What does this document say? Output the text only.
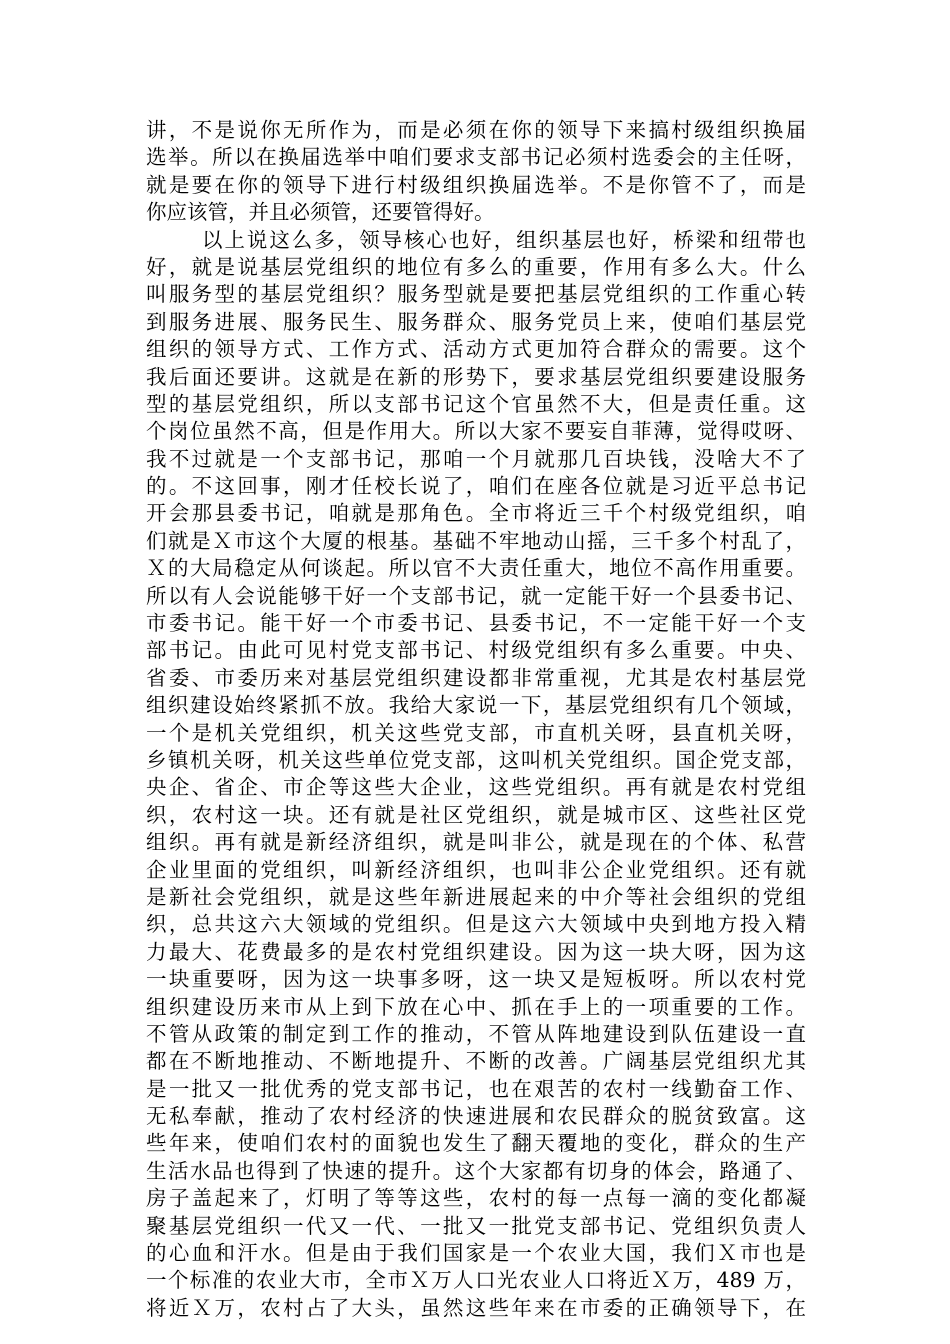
讲，不是说你无所作为，而是必须在你的领导下来搞村级组织换届
选举。所以在换届选举中咱们要求支部书记必须村选委会的主任呀，
就是要在你的领导下进行村级组织换届选举。不是你管不了，而是
你应该管，并且必须管，还要管得好。
以上说这么多，领导核心也好，组织基层也好，桥梁和纽带也
好，就是说基层党组织的地位有多么的重要，作用有多么大。什么
叫服务型的基层党组织？服务型就是要把基层党组织的工作重心转
到服务进展、服务民生、服务群众、服务党员上来，使咱们基层党
组织的领导方式、工作方式、活动方式更加符合群众的需要。这个
我后面还要讲。这就是在新的形势下，要求基层党组织要建设服务
型的基层党组织，所以支部书记这个官虽然不大，但是责任重。这
个岗位虽然不高，但是作用大。所以大家不要妄自菲薄，觉得哎呀、
我不过就是一个支部书记，那咱一个月就那几百块钱，没啥大不了
的。不这回事，刚才任校长说了，咱们在座各位就是习近平总书记
开会那县委书记，咱就是那角色。全市将近三千个村级党组织，咱
们就是Ｘ市这个大厦的根基。基础不牢地动山摇，三千多个村乱了，
Ｘ的大局稳定从何谈起。所以官不大责任重大，地位不高作用重要。
所以有人会说能够干好一个支部书记，就一定能干好一个县委书记、
市委书记。能干好一个市委书记、县委书记，不一定能干好一个支
部书记。由此可见村党支部书记、村级党组织有多么重要。中央、
省委、市委历来对基层党组织建设都非常重视，尤其是农村基层党
组织建设始终紧抓不放。我给大家说一下，基层党组织有几个领域，
一个是机关党组织，机关这些党支部，市直机关呀，县直机关呀，
乡镇机关呀，机关这些单位党支部，这叫机关党组织。国企党支部，
央企、省企、市企等这些大企业，这些党组织。再有就是农村党组
织，农村这一块。还有就是社区党组织，就是城市区、这些社区党
组织。再有就是新经济组织，就是叫非公，就是现在的个体、私营
企业里面的党组织，叫新经济组织，也叫非公企业党组织。还有就
是新社会党组织，就是这些年新进展起来的中介等社会组织的党组
织，总共这六大领域的党组织。但是这六大领域中央到地方投入精
力最大、花费最多的是农村党组织建设。因为这一块大呀，因为这
一块重要呀，因为这一块事多呀，这一块又是短板呀。所以农村党
组织建设历来市从上到下放在心中、抓在手上的一项重要的工作。
不管从政策的制定到工作的推动，不管从阵地建设到队伍建设一直
都在不断地推动、不断地提升、不断的改善。广阔基层党组织尤其
是一批又一批优秀的党支部书记，也在艰苦的农村一线勤奋工作、
无私奉献，推动了农村经济的快速进展和农民群众的脱贫致富。这
些年来，使咱们农村的面貌也发生了翻天覆地的变化，群众的生产
生活水品也得到了快速的提升。这个大家都有切身的体会，路通了、
房子盖起来了，灯明了等等这些，农村的每一点每一滴的变化都凝
聚基层党组织一代又一代、一批又一批党支部书记、党组织负责人
的心血和汗水。但是由于我们国家是一个农业大国，我们Ｘ市也是
一个标准的农业大市，全市Ｘ万人口光农业人口将近Ｘ万，489 万，
将近Ｘ万，农村占了大头，虽然这些年来在市委的正确领导下，在
